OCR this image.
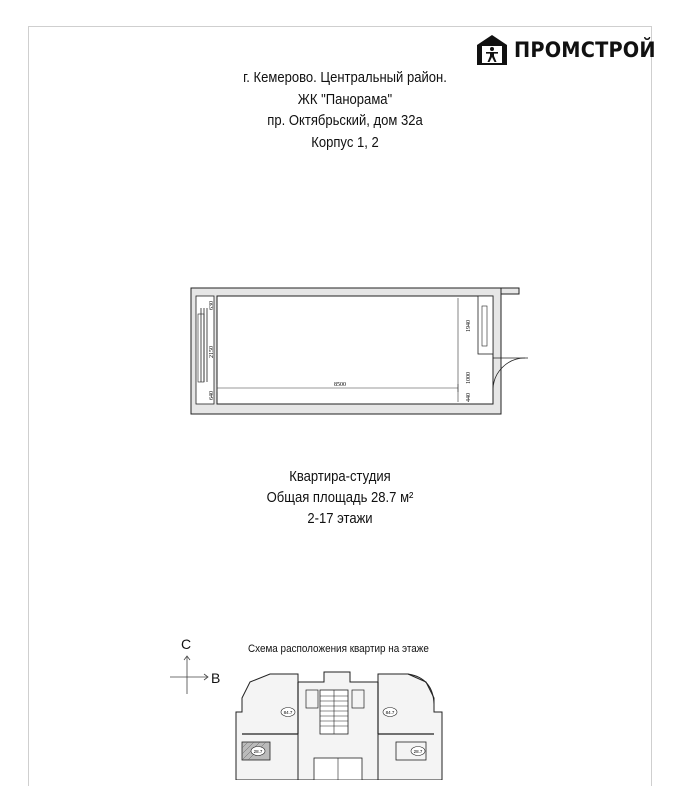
ПРОМСТРОЙ
г. Кемерово. Центральный район.
ЖК "Панорама"
пр. Октябрьский, дом 32а
Корпус 1, 2
630
2150
640
8500
1940
1000
440
Квартира-студия
Общая площадь 28.7 м²
2-17 этажи
С
В
Схема расположения квартир на этаже
84.7	84.7
28.7	28.7
